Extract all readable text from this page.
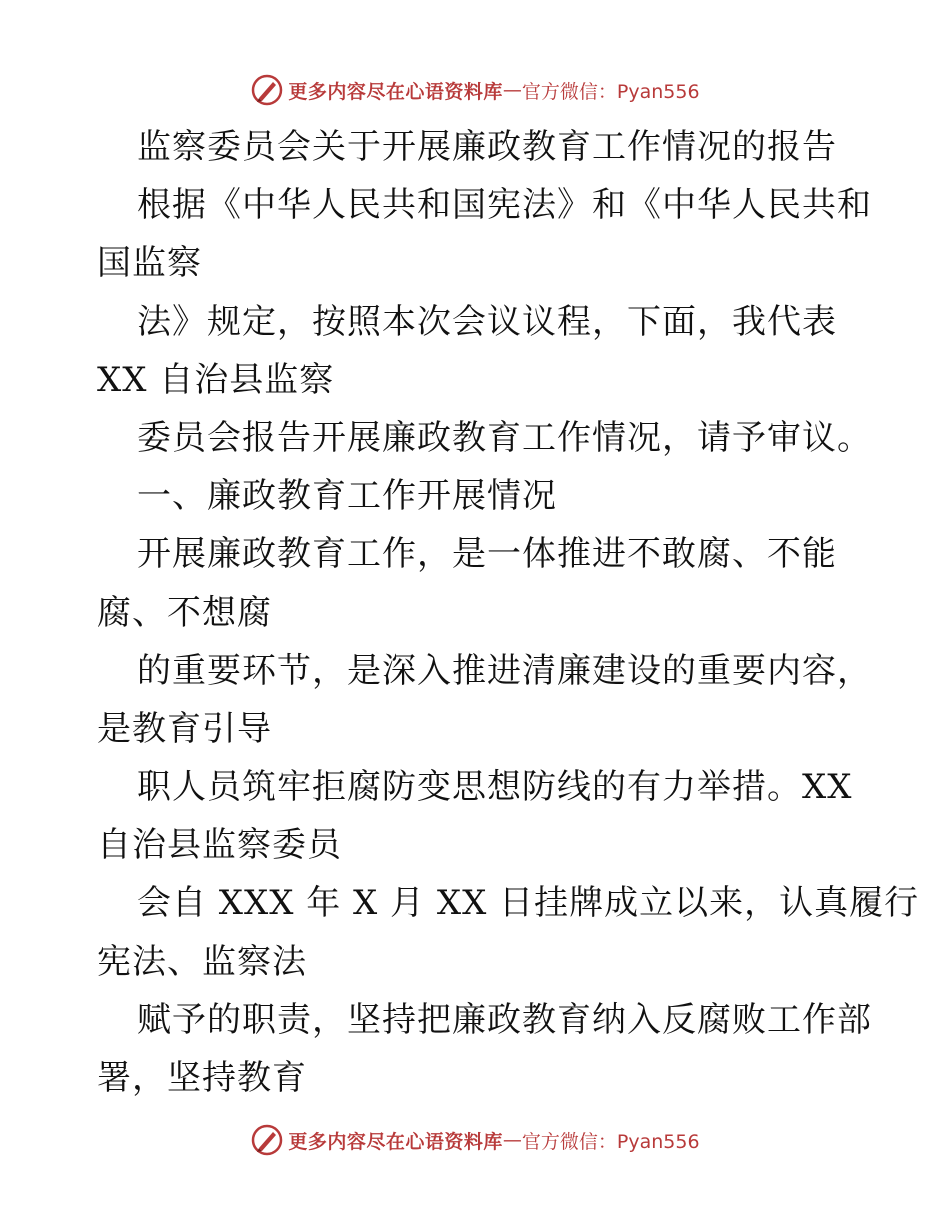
更多内容尽在心语资料库 — 官方微信：Pyan556
监察委员会关于开展廉政教育工作情况的报告
根据《中华人民共和国宪法》和《中华人民共和
国监察
法》规定，按照本次会议议程，下面，我代表
XX 自治县监察
委员会报告开展廉政教育工作情况，请予审议。
一、廉政教育工作开展情况
开展廉政教育工作，是一体推进不敢腐、不能
腐、不想腐
的重要环节，是深入推进清廉建设的重要内容，
是教育引导
职人员筑牢拒腐防变思想防线的有力举措。XX
自治县监察委员
会自 XXX 年 X 月 XX 日挂牌成立以来，认真履行
宪法、监察法
赋予的职责，坚持把廉政教育纳入反腐败工作部
署，坚持教育
更多内容尽在心语资料库 — 官方微信：Pyan556
